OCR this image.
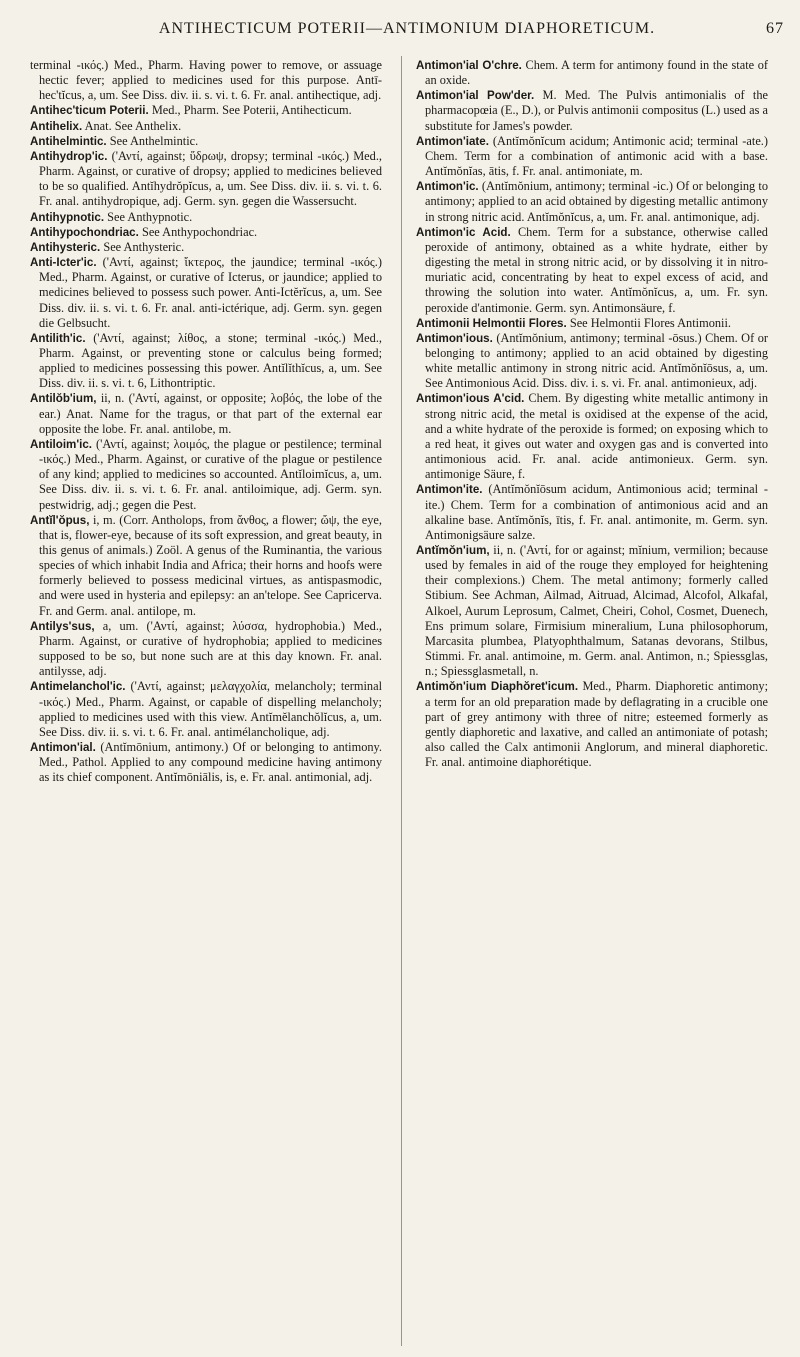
ANTIHECTICUM POTERII—ANTIMONIUM DIAPHORETICUM.	67

terminal -ικός.) Med., Pharm. Having power to remove, or assuage hectic fever; applied to medicines used for this purpose. Antī-hec'tĭcus, a, um. See Diss. div. ii. s. vi. t. 6. Fr. anal. antihectique, adj.

Antihec'ticum Poterii. Med., Pharm. See Poterii, Antihecticum.

Antihelix. Anat. See Anthelix.

Antihelmintic. See Anthelmintic.

Antihydrop'ic. ('Αντί, against; ὕδρωψ, dropsy; terminal -ικός.) Med., Pharm. Against, or curative of dropsy; applied to medicines believed to be so qualified. Antĭhydrŏpĭcus, a, um. See Diss. div. ii. s. vi. t. 6. Fr. anal. antihydropique, adj. Germ. syn. gegen die Wassersucht.

Antihypnotic. See Anthypnotic.

Antihypochondriac. See Anthypochondriac.

Antihysteric. See Anthysteric.

Anti-Icter'ic. ('Αντί, against; ἴκτερος, the jaundice; terminal -ικός.) Med., Pharm. Against, or curative of Icterus, or jaundice; applied to medicines believed to possess such power. Anti-Ictĕrĭcus, a, um. See Diss. div. ii. s. vi. t. 6. Fr. anal. anti-ictérique, adj. Germ. syn. gegen die Gelbsucht.

Antilith'ic. ('Αντί, against; λίθος, a stone; terminal -ικός.) Med., Pharm. Against, or preventing stone or calculus being formed; applied to medicines possessing this power. Antĭlĭthĭcus, a, um. See Diss. div. ii. s. vi. t. 6, Lithontriptic.

Antilŏb'ium, ii, n. ('Αντί, against, or opposite; λοβός, the lobe of the ear.) Anat. Name for the tragus, or that part of the external ear opposite the lobe. Fr. anal. antilobe, m.

Antiloim'ic. ('Αντί, against; λοιμός, the plague or pestilence; terminal -ικός.) Med., Pharm. Against, or curative of the plague or pestilence of any kind; applied to medicines so accounted. Antĭloimĭcus, a, um. See Diss. div. ii. s. vi. t. 6. Fr. anal. antiloimique, adj. Germ. syn. pestwidrig, adj.; gegen die Pest.

Antĭl'ŏpus, i, m. (Corr. Antholops, from ἄνθος, a flower; ὤψ, the eye, that is, flower-eye, because of its soft expression, and great beauty, in this genus of animals.) Zoöl. A genus of the Ruminantia, the various species of which inhabit India and Africa; their horns and hoofs were formerly believed to possess medicinal virtues, as antispasmodic, and were used in hysteria and epilepsy: an an'telope. See Capricerva. Fr. and Germ. anal. antilope, m.

Antilys'sus, a, um. ('Αντί, against; λύσσα, hydrophobia.) Med., Pharm. Against, or curative of hydrophobia; applied to medicines supposed to be so, but none such are at this day known. Fr. anal. antilysse, adj.

Antimelanchol'ic. ('Αντί, against; μελαγχολία, melancholy; terminal -ικός.) Med., Pharm. Against, or capable of dispelling melancholy; applied to medicines used with this view. Antĭmĕlanchŏlĭcus, a, um. See Diss. div. ii. s. vi. t. 6. Fr. anal. antimélancholique, adj.

Antimon'ial. (Antĭmōnium, antimony.) Of or belonging to antimony. Med., Pathol. Applied to any compound medicine having antimony as its chief component. Antĭmōniālis, is, e. Fr. anal. antimonial, adj.

Antimon'ial O'chre. Chem. A term for antimony found in the state of an oxide.

Antimon'ial Pow'der. M. Med. The Pulvis antimonialis of the pharmacopœia (E., D.), or Pulvis antimonii compositus (L.) used as a substitute for James's powder.

Antimon'iate. (Antĭmŏnĭcum acidum; Antimonic acid; terminal -ate.) Chem. Term for a combination of antimonic acid with a base. Antĭmŏnĭas, ātis, f. Fr. anal. antimoniate, m.

Antimon'ic. (Antĭmŏnium, antimony; terminal -ic.) Of or belonging to antimony; applied to an acid obtained by digesting metallic antimony in strong nitric acid. Antĭmŏnĭcus, a, um. Fr. anal. antimonique, adj.

Antimon'ic Acid. Chem. Term for a substance, otherwise called peroxide of antimony, obtained as a white hydrate, either by digesting the metal in strong nitric acid, or by dissolving it in nitro-muriatic acid, concentrating by heat to expel excess of acid, and throwing the solution into water. Antĭmŏnĭcus, a, um. Fr. syn. peroxide d'antimonie. Germ. syn. Antimonsäure, f.

Antimonii Helmontii Flores. See Helmontii Flores Antimonii.

Antimon'ious. (Antĭmŏnium, antimony; terminal -ōsus.) Chem. Of or belonging to antimony; applied to an acid obtained by digesting white metallic antimony in strong nitric acid. Antĭmŏnĭōsus, a, um. See Antimonious Acid. Diss. div. i. s. vi. Fr. anal. antimonieux, adj.

Antimon'ious A'cid. Chem. By digesting white metallic antimony in strong nitric acid, the metal is oxidised at the expense of the acid, and a white hydrate of the peroxide is formed; on exposing which to a red heat, it gives out water and oxygen gas and is converted into antimonious acid. Fr. anal. acide antimonieux. Germ. syn. antimonige Säure, f.

Antimon'ite. (Antĭmŏnĭōsum acidum, Antimonious acid; terminal -ite.) Chem. Term for a combination of antimonious acid and an alkaline base. Antĭmŏnĭs, ītis, f. Fr. anal. antimonite, m. Germ. syn. Antimonigsäure salze.

Antĭmŏn'ium, ii, n. ('Αντί, for or against; mĭnium, vermilion; because used by females in aid of the rouge they employed for heightening their complexions.) Chem. The metal antimony; formerly called Stibium. See Achman, Ailmad, Aitruad, Alcimad, Alcofol, Alkafal, Alkoel, Aurum Leprosum, Calmet, Cheiri, Cohol, Cosmet, Duenech, Ens primum solare, Firmisium mineralium, Luna philosophorum, Marcasita plumbea, Platyophthalmum, Satanas devorans, Stilbus, Stimmi. Fr. anal. antimoine, m. Germ. anal. Antimon, n.; Spiessglas, n.; Spiessglasmetall, n.

Antimŏn'ium Diaphŏret'icum. Med., Pharm. Diaphoretic antimony; a term for an old preparation made by deflagrating in a crucible one part of grey antimony with three of nitre; esteemed formerly as gently diaphoretic and laxative, and called an antimoniate of potash; also called the Calx antimonii Anglorum, and mineral diaphoretic. Fr. anal. antimoine diaphorétique.
